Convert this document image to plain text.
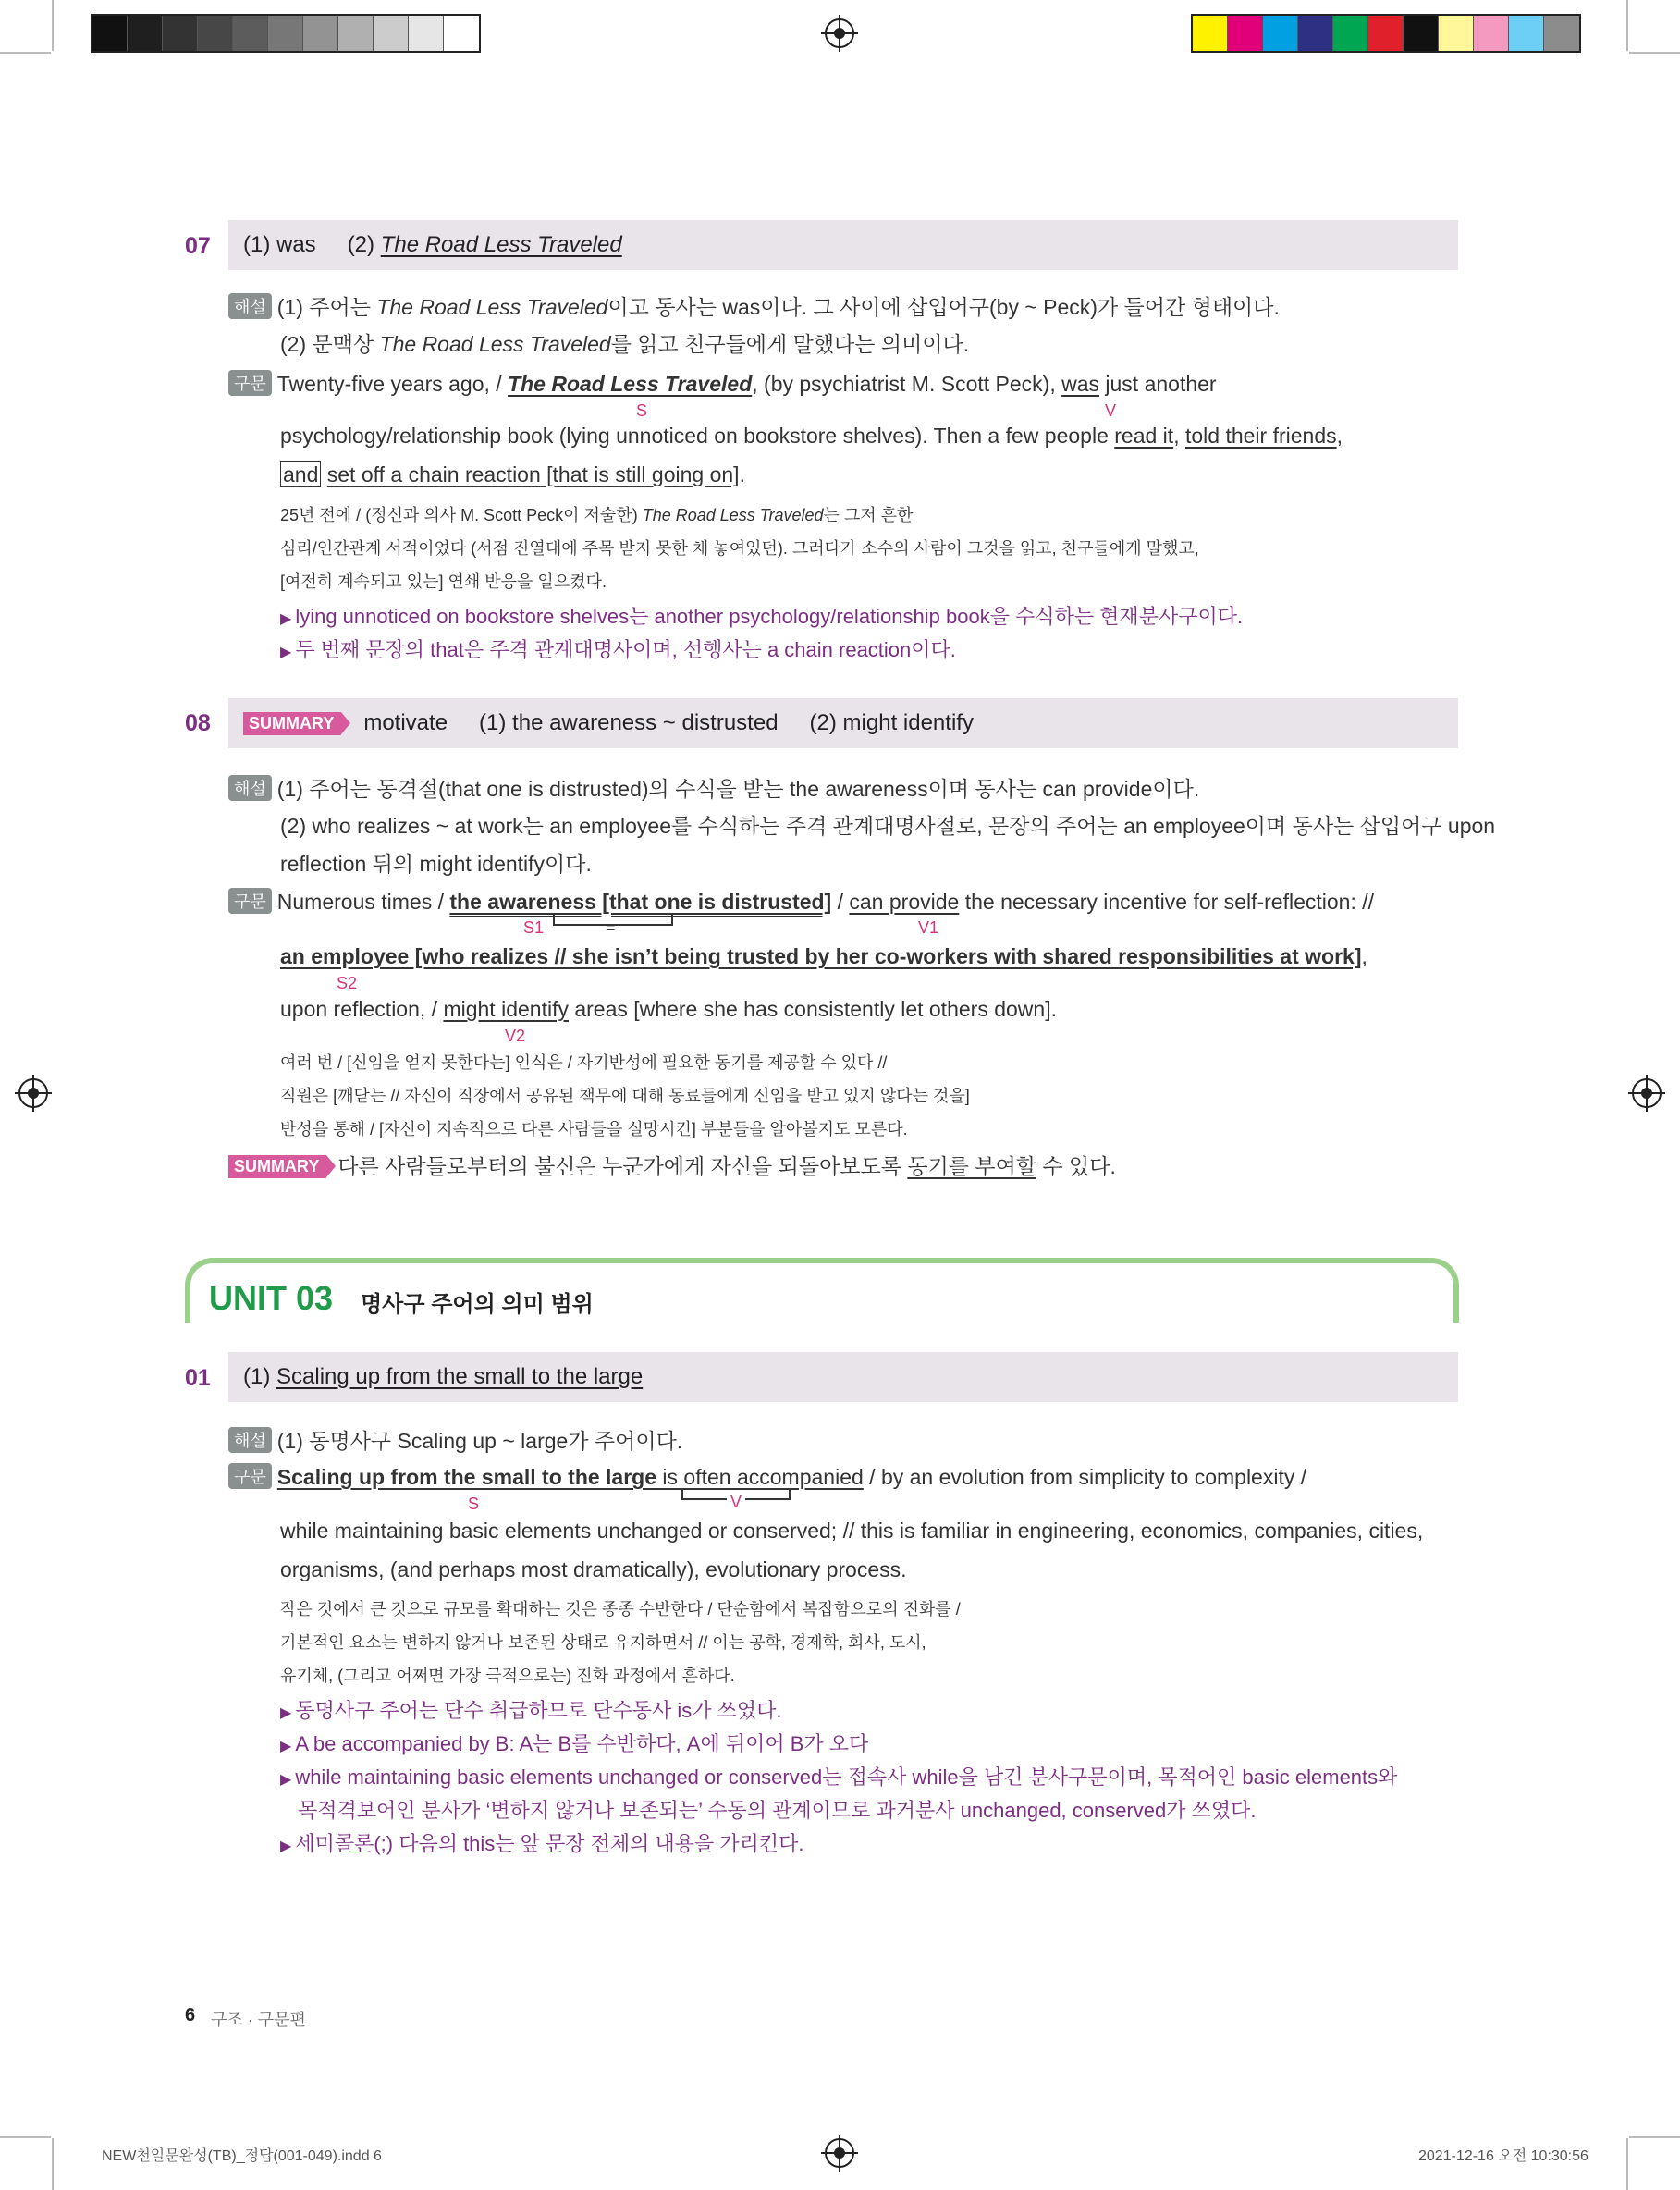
07 (1) was (2) The Road Less Traveled
해설 (1) 주어는 The Road Less Traveled이고 동사는 was이다. 그 사이에 삽입어구(by ~ Peck)가 들어간 형태이다.
(2) 문맥상 The Road Less Traveled를 읽고 친구들에게 말했다는 의미이다.
구문 Twenty-five years ago, / The Road Less Traveled, (by psychiatrist M. Scott Peck), was just another
S	V
psychology/relationship book (lying unnoticed on bookstore shelves). Then a few people read it, told their friends,
and set off a chain reaction [that is still going on].
25년 전에 / (정신과 의사 M. Scott Peck이 저술한) The Road Less Traveled는 그저 흔한
심리/인간관계 서적이었다 (서점 진열대에 주목 받지 못한 채 놓여있던). 그러다가 소수의 사람이 그것을 읽고, 친구들에게 말했고,
[여전히 계속되고 있는] 연쇄 반응을 일으켰다.
▶ lying unnoticed on bookstore shelves는 another psychology/relationship book을 수식하는 현재분사구이다.
▶ 두 번째 문장의 that은 주격 관계대명사이며, 선행사는 a chain reaction이다.
08	SUMMARY	motivate (1) the awareness ~ distrusted (2) might identify
해설 (1) 주어는 동격절(that one is distrusted)의 수식을 받는 the awareness이며 동사는 can provide이다.
(2) who realizes ~ at work는 an employee를 수식하는 주격 관계대명사절로, 문장의 주어는 an employee이며 동사는 삽입어구 upon
reflection 뒤의 might identify이다.
구문 Numerous times / the awareness [that one is distrusted] / can provide the necessary incentive for self-reflection: //
S1	=	V1
an employee [who realizes // she isn’t being trusted by her co-workers with shared responsibilities at work],
S2
upon reflection, / might identify areas [where she has consistently let others down].
V2
여러 번 / [신임을 얻지 못한다는] 인식은 / 자기반성에 필요한 동기를 제공할 수 있다 //
직원은 [깨닫는 // 자신이 직장에서 공유된 책무에 대해 동료들에게 신임을 받고 있지 않다는 것을]
반성을 통해 / [자신이 지속적으로 다른 사람들을 실망시킨] 부분들을 알아볼지도 모른다.
SUMMARY 다른 사람들로부터의 불신은 누군가에게 자신을 되돌아보도록 동기를 부여할 수 있다.
UNIT 03 명사구 주어의 의미 범위
01 (1) Scaling up from the small to the large
해설 (1) 동명사구 Scaling up ~ large가 주어이다.
구문 Scaling up from the small to the large is often accompanied / by an evolution from simplicity to complexity /
S	V
while maintaining basic elements unchanged or conserved; // this is familiar in engineering, economics, companies, cities,
organisms, (and perhaps most dramatically), evolutionary process.
작은 것에서 큰 것으로 규모를 확대하는 것은 종종 수반한다 / 단순함에서 복잡함으로의 진화를 /
기본적인 요소는 변하지 않거나 보존된 상태로 유지하면서 // 이는 공학, 경제학, 회사, 도시,
유기체, (그리고 어쩌면 가장 극적으로는) 진화 과정에서 흔하다.
▶ 동명사구 주어는 단수 취급하므로 단수동사 is가 쓰였다.
▶ A be accompanied by B: A는 B를 수반하다, A에 뒤이어 B가 오다
▶ while maintaining basic elements unchanged or conserved는 접속사 while을 남긴 분사구문이며, 목적어인 basic elements와
목적격보어인 분사가 ‘변하지 않거나 보존되는’ 수동의 관계이므로 과거분사 unchanged, conserved가 쓰였다.
▶ 세미콜론(;) 다음의 this는 앞 문장 전체의 내용을 가리킨다.
6 구조 · 구문편
NEW천일문완성(TB)_정답(001-049).indd 6	2021-12-16 오전 10:30:56
